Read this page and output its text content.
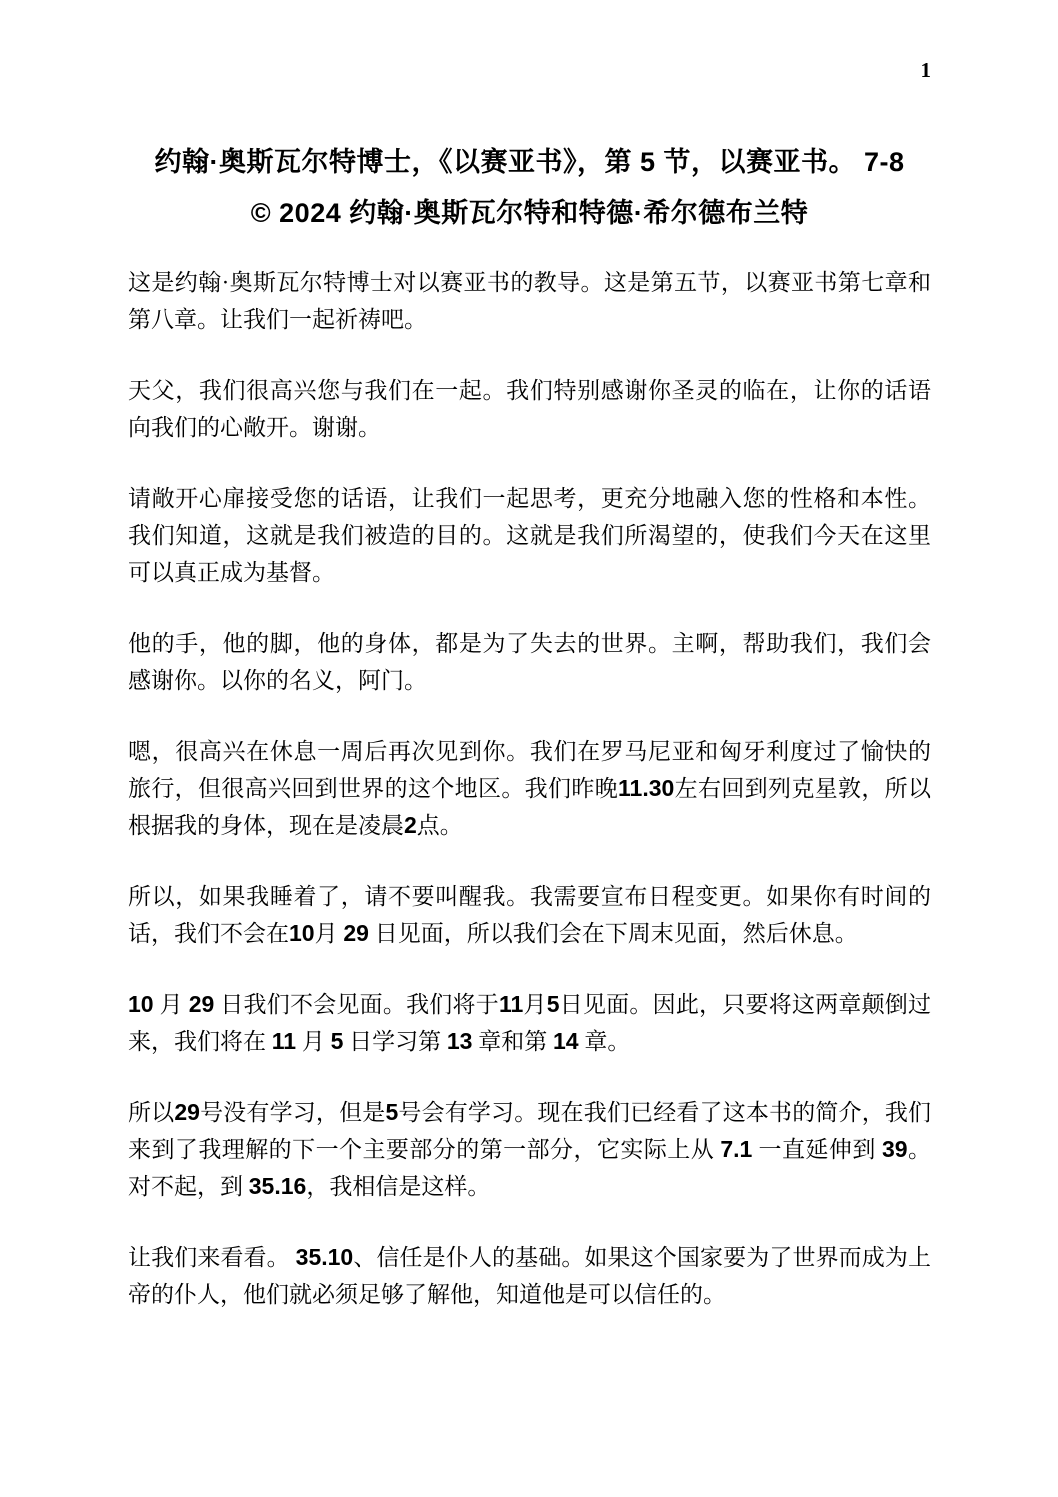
1
约翰·奥斯瓦尔特博士，《以赛亚书》，第 5 节，以赛亚书。 7-8
© 2024 约翰·奥斯瓦尔特和特德·希尔德布兰特

这是约翰·奥斯瓦尔特博士对以赛亚书的教导。这是第五节，以赛亚书第七章和第八章。让我们一起祈祷吧。

天父，我们很高兴您与我们在一起。我们特别感谢你圣灵的临在，让你的话语向我们的心敞开。谢谢。

请敞开心扉接受您的话语，让我们一起思考，更充分地融入您的性格和本性。我们知道，这就是我们被造的目的。这就是我们所渴望的，使我们今天在这里可以真正成为基督。

他的手，他的脚，他的身体，都是为了失去的世界。主啊，帮助我们，我们会感谢你。以你的名义，阿门。

嗯，很高兴在休息一周后再次见到你。我们在罗马尼亚和匈牙利度过了愉快的旅行，但很高兴回到世界的这个地区。我们昨晚11.30左右回到列克星敦，所以根据我的身体，现在是凌晨2点。

所以，如果我睡着了，请不要叫醒我。我需要宣布日程变更。如果你有时间的话，我们不会在10月 29 日见面，所以我们会在下周末见面，然后休息。

10 月 29 日我们不会见面。我们将于11月5日见面。因此，只要将这两章颠倒过来，我们将在 11 月 5 日学习第 13 章和第 14 章。

所以29号没有学习，但是5号会有学习。现在我们已经看了这本书的简介，我们来到了我理解的下一个主要部分的第一部分，它实际上从 7.1 一直延伸到 39。对不起，到 35.16，我相信是这样。

让我们来看看。 35.10、信任是仆人的基础。如果这个国家要为了世界而成为上帝的仆人，他们就必须足够了解他，知道他是可以信任的。
